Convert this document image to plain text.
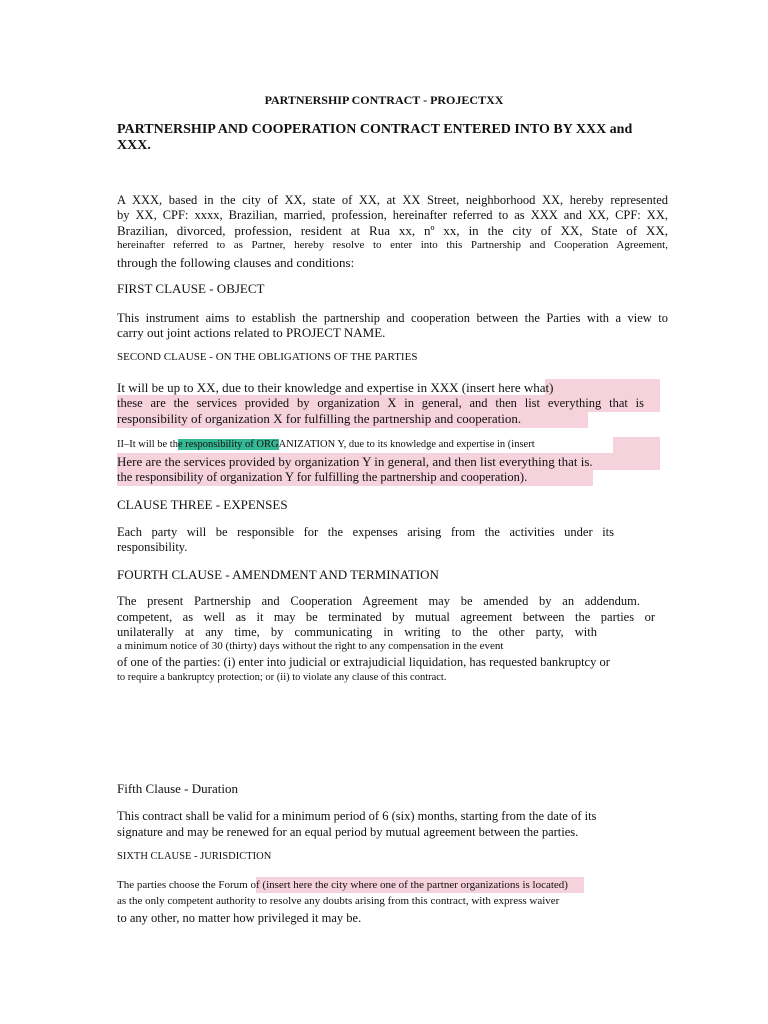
PARTNERSHIP CONTRACT - PROJECTXX
PARTNERSHIP AND COOPERATION CONTRACT ENTERED INTO BY XXX and
XXX.
A XXX, based in the city of XX, state of XX, at XX Street, neighborhood XX, hereby represented
by XX, CPF: xxxx, Brazilian, married, profession, hereinafter referred to as XXX and XX, CPF: XX,
Brazilian, divorced, profession, resident at Rua xx, nº xx, in the city of XX, State of XX,
hereinafter referred to as Partner, hereby resolve to enter into this Partnership and Cooperation Agreement,
through the following clauses and conditions:
FIRST CLAUSE - OBJECT
This instrument aims to establish the partnership and cooperation between the Parties with a view to
carry out joint actions related to PROJECT NAME.
SECOND CLAUSE - ON THE OBLIGATIONS OF THE PARTIES
It will be up to XX, due to their knowledge and expertise in XXX (insert here what)
these are the services provided by organization X in general, and then list everything that is
responsibility of organization X for fulfilling the partnership and cooperation.
II–It will be the responsibility of ORGANIZATION Y, due to its knowledge and expertise in (insert
Here are the services provided by organization Y in general, and then list everything that is.
the responsibility of organization Y for fulfilling the partnership and cooperation).
CLAUSE THREE - EXPENSES
Each party will be responsible for the expenses arising from the activities under its
responsibility.
FOURTH CLAUSE - AMENDMENT AND TERMINATION
The present Partnership and Cooperation Agreement may be amended by an addendum.
competent, as well as it may be terminated by mutual agreement between the parties or
unilaterally at any time, by communicating in writing to the other party, with
a minimum notice of 30 (thirty) days without the right to any compensation in the event
of one of the parties: (i) enter into judicial or extrajudicial liquidation, has requested bankruptcy or
to require a bankruptcy protection; or (ii) to violate any clause of this contract.
Fifth Clause - Duration
This contract shall be valid for a minimum period of 6 (six) months, starting from the date of its
signature and may be renewed for an equal period by mutual agreement between the parties.
SIXTH CLAUSE - JURISDICTION
The parties choose the Forum of (insert here the city where one of the partner organizations is located)
as the only competent authority to resolve any doubts arising from this contract, with express waiver
to any other, no matter how privileged it may be.
